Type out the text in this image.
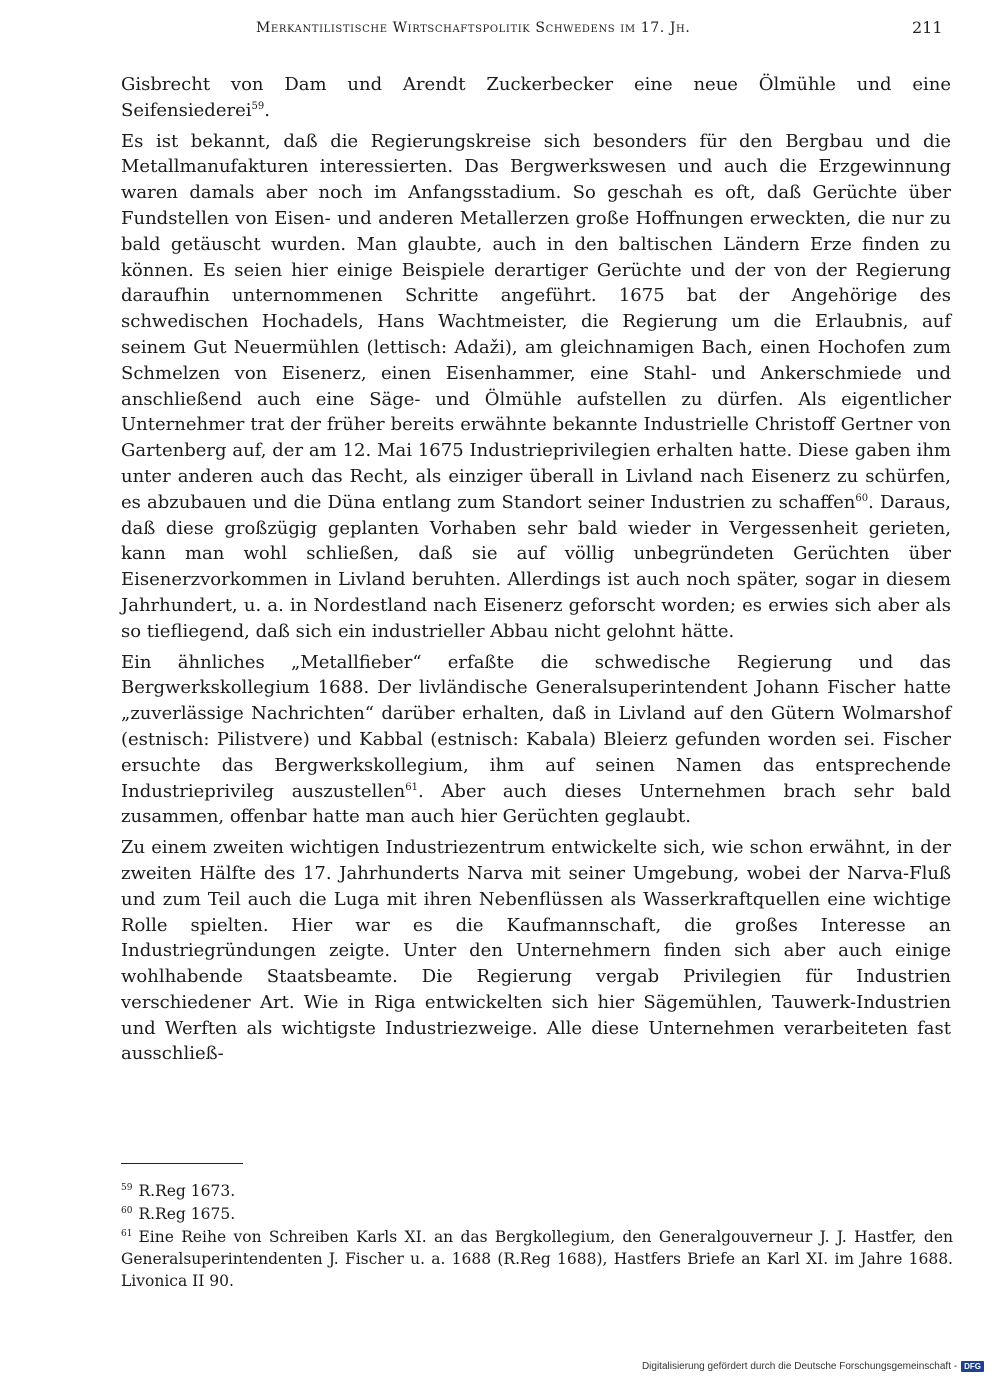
Merkantilistische Wirtschaftspolitik Schwedens im 17. Jh.	211

Gisbrecht von Dam und Arendt Zuckerbecker eine neue Ölmühle und eine Seifensiederei$^{59}$.

Es ist bekannt, daß die Regierungskreise sich besonders für den Bergbau und die Metallmanufakturen interessierten. Das Bergwerkswesen und auch die Erzgewinnung waren damals aber noch im Anfangsstadium. So geschah es oft, daß Gerüchte über Fundstellen von Eisen- und anderen Metallerzen große Hoffnungen erweckten, die nur zu bald getäuscht wurden. Man glaubte, auch in den baltischen Ländern Erze finden zu können. Es seien hier einige Beispiele derartiger Gerüchte und der von der Regierung daraufhin unternommenen Schritte angeführt. 1675 bat der Angehörige des schwedischen Hochadels, Hans Wachtmeister, die Regierung um die Erlaubnis, auf seinem Gut Neuermühlen (lettisch: Adaži), am gleichnamigen Bach, einen Hochofen zum Schmelzen von Eisenerz, einen Eisenhammer, eine Stahl- und Ankerschmiede und anschließend auch eine Säge- und Ölmühle aufstellen zu dürfen. Als eigentlicher Unternehmer trat der früher bereits erwähnte bekannte Industrielle Christoff Gertner von Gartenberg auf, der am 12. Mai 1675 Industrieprivilegien erhalten hatte. Diese gaben ihm unter anderen auch das Recht, als einziger überall in Livland nach Eisenerz zu schürfen, es abzubauen und die Düna entlang zum Standort seiner Industrien zu schaffen$^{60}$. Daraus, daß diese großzügig geplanten Vorhaben sehr bald wieder in Vergessenheit gerieten, kann man wohl schließen, daß sie auf völlig unbegründeten Gerüchten über Eisenerzvorkommen in Livland beruhten. Allerdings ist auch noch später, sogar in diesem Jahrhundert, u. a. in Nordestland nach Eisenerz geforscht worden; es erwies sich aber als so tiefliegend, daß sich ein industrieller Abbau nicht gelohnt hätte.

Ein ähnliches „Metallfieber“ erfaßte die schwedische Regierung und das Bergwerkskollegium 1688. Der livländische Generalsuperintendent Johann Fischer hatte „zuverlässige Nachrichten“ darüber erhalten, daß in Livland auf den Gütern Wolmarshof (estnisch: Pilistvere) und Kabbal (estnisch: Kabala) Bleierz gefunden worden sei. Fischer ersuchte das Bergwerkskollegium, ihm auf seinen Namen das entsprechende Industrieprivileg auszustellen$^{61}$. Aber auch dieses Unternehmen brach sehr bald zusammen, offenbar hatte man auch hier Gerüchten geglaubt.

Zu einem zweiten wichtigen Industriezentrum entwickelte sich, wie schon erwähnt, in der zweiten Hälfte des 17. Jahrhunderts Narva mit seiner Umgebung, wobei der Narva-Fluß und zum Teil auch die Luga mit ihren Nebenflüssen als Wasserkraftquellen eine wichtige Rolle spielten. Hier war es die Kaufmannschaft, die großes Interesse an Industriegründungen zeigte. Unter den Unternehmern finden sich aber auch einige wohlhabende Staatsbeamte. Die Regierung vergab Privilegien für Industrien verschiedener Art. Wie in Riga entwickelten sich hier Sägemühlen, Tauwerk-Industrien und Werften als wichtigste Industriezweige. Alle diese Unternehmen verarbeiteten fast ausschließ-

$^{59}$ R.Reg 1673.
$^{60}$ R.Reg 1675.
$^{61}$ Eine Reihe von Schreiben Karls XI. an das Bergkollegium, den Generalgouverneur J. J. Hastfer, den Generalsuperintendenten J. Fischer u. a. 1688 (R.Reg 1688), Hastfers Briefe an Karl XI. im Jahre 1688. Livonica II 90.
Digitalisierung gefördert durch die Deutsche Forschungsgemeinschaft - DFG
